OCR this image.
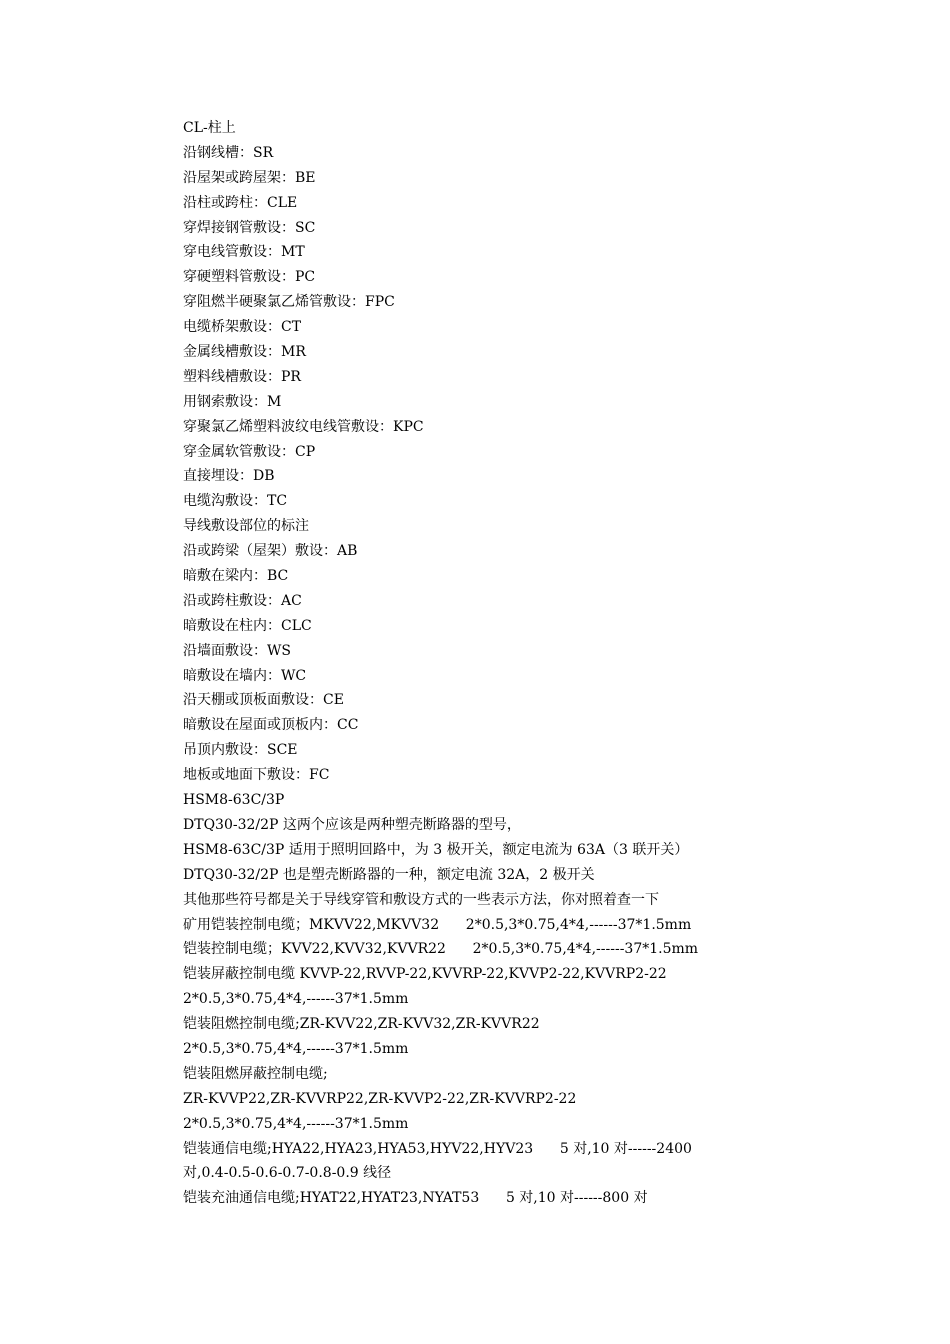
CL-柱上
沿钢线槽：SR
沿屋架或跨屋架：BE
沿柱或跨柱：CLE
穿焊接钢管敷设：SC
穿电线管敷设：MT
穿硬塑料管敷设：PC
穿阻燃半硬聚氯乙烯管敷设：FPC
电缆桥架敷设：CT
金属线槽敷设：MR
塑料线槽敷设：PR
用钢索敷设：M
穿聚氯乙烯塑料波纹电线管敷设：KPC
穿金属软管敷设：CP
直接埋设：DB
电缆沟敷设：TC
导线敷设部位的标注
沿或跨梁（屋架）敷设：AB
暗敷在梁内：BC
沿或跨柱敷设：AC
暗敷设在柱内：CLC
沿墙面敷设：WS
暗敷设在墙内：WC
沿天棚或顶板面敷设：CE
暗敷设在屋面或顶板内：CC
吊顶内敷设：SCE
地板或地面下敷设：FC
HSM8-63C/3P
DTQ30-32/2P 这两个应该是两种塑壳断路器的型号，
HSM8-63C/3P 适用于照明回路中，为 3 极开关，额定电流为 63A（3 联开关）
DTQ30-32/2P 也是塑壳断路器的一种，额定电流 32A，2 极开关
其他那些符号都是关于导线穿管和敷设方式的一些表示方法，你对照着查一下
矿用铠装控制电缆；MKVV22,MKVV32      2*0.5,3*0.75,4*4,------37*1.5mm
铠装控制电缆；KVV22,KVV32,KVVR22      2*0.5,3*0.75,4*4,------37*1.5mm
铠装屏蔽控制电缆 KVVP-22,RVVP-22,KVVRP-22,KVVP2-22,KVVRP2-22
2*0.5,3*0.75,4*4,------37*1.5mm
铠装阻燃控制电缆;ZR-KVV22,ZR-KVV32,ZR-KVVR22
2*0.5,3*0.75,4*4,------37*1.5mm
铠装阻燃屏蔽控制电缆;
ZR-KVVP22,ZR-KVVRP22,ZR-KVVP2-22,ZR-KVVRP2-22
2*0.5,3*0.75,4*4,------37*1.5mm
铠装通信电缆;HYA22,HYA23,HYA53,HYV22,HYV23      5 对,10 对------2400
对,0.4-0.5-0.6-0.7-0.8-0.9 线径
铠装充油通信电缆;HYAT22,HYAT23,NYAT53      5 对,10 对------800 对
